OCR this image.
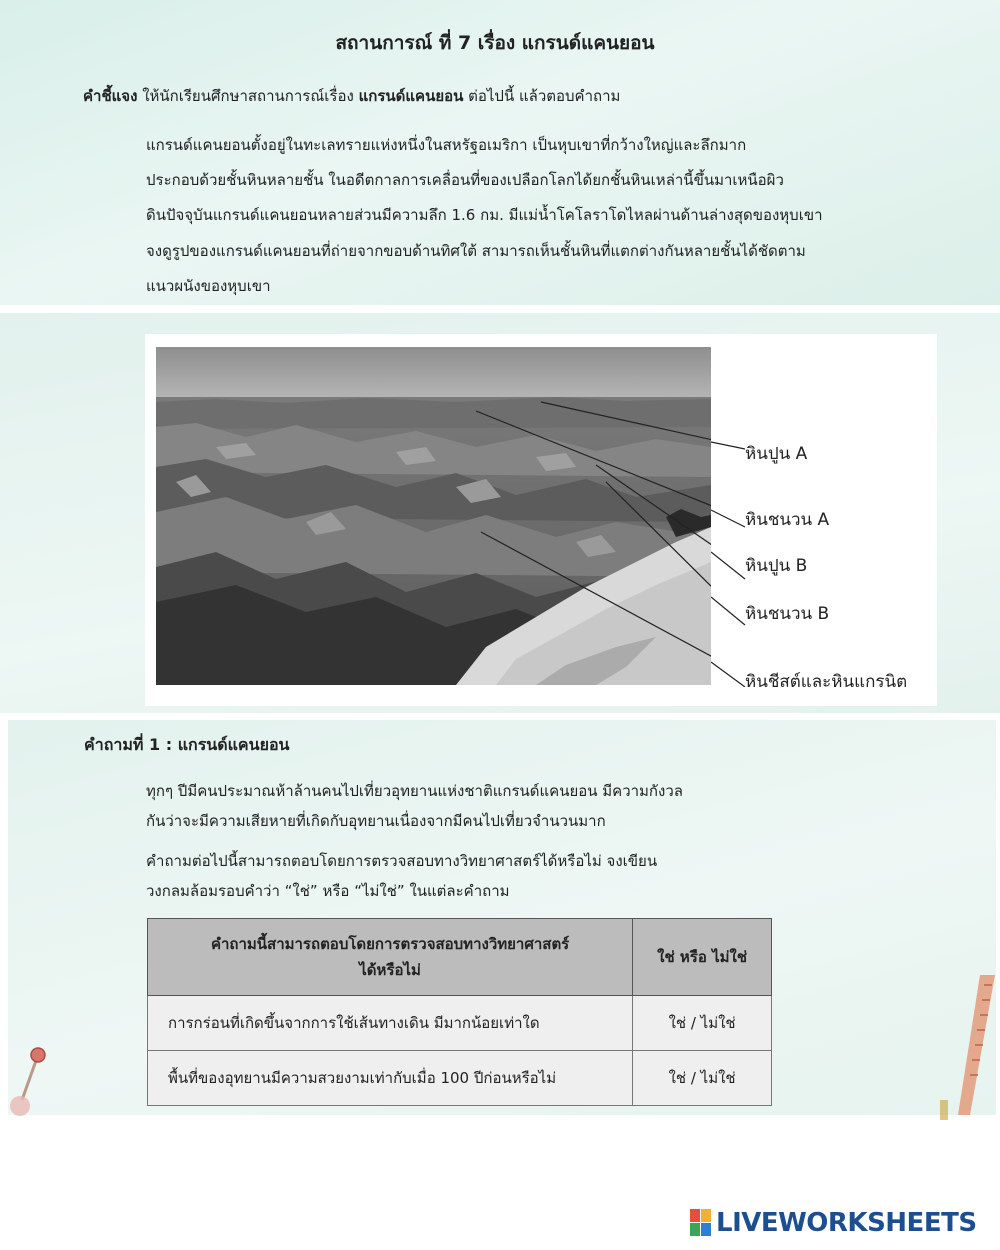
สถานการณ์ ที่ 7 เรื่อง แกรนด์แคนยอน
คำชี้แจง ให้นักเรียนศึกษาสถานการณ์เรื่อง แกรนด์แคนยอน ต่อไปนี้ แล้วตอบคำถาม
แกรนด์แคนยอนตั้งอยู่ในทะเลทรายแห่งหนึ่งในสหรัฐอเมริกา เป็นหุบเขาที่กว้างใหญ่และลึกมาก
ประกอบด้วยชั้นหินหลายชั้น ในอดีตกาลการเคลื่อนที่ของเปลือกโลกได้ยกชั้นหินเหล่านี้ขึ้นมาเหนือผิว
ดินปัจจุบันแกรนด์แคนยอนหลายส่วนมีความลึก 1.6 กม. มีแม่น้ำโคโลราโดไหลผ่านด้านล่างสุดของหุบเขา
จงดูรูปของแกรนด์แคนยอนที่ถ่ายจากขอบด้านทิศใต้ สามารถเห็นชั้นหินที่แตกต่างกันหลายชั้นได้ชัดตาม
แนวผนังของหุบเขา
หินปูน A
หินชนวน A
หินปูน B
หินชนวน B
หินชีสต์และหินแกรนิต
คำถามที่ 1 : แกรนด์แคนยอน
ทุกๆ ปีมีคนประมาณห้าล้านคนไปเที่ยวอุทยานแห่งชาติแกรนด์แคนยอน มีความกังวล
กันว่าจะมีความเสียหายที่เกิดกับอุทยานเนื่องจากมีคนไปเที่ยวจำนวนมาก
คำถามต่อไปนี้สามารถตอบโดยการตรวจสอบทางวิทยาศาสตร์ได้หรือไม่ จงเขียน
วงกลมล้อมรอบคำว่า “ใช่” หรือ “ไม่ใช่” ในแต่ละคำถาม
คำถามนี้สามารถตอบโดยการตรวจสอบทางวิทยาศาสตร์
ได้หรือไม่	ใช่ หรือ ไม่ใช่
การกร่อนที่เกิดขึ้นจากการใช้เส้นทางเดิน มีมากน้อยเท่าใด	ใช่ / ไม่ใช่
พื้นที่ของอุทยานมีความสวยงามเท่ากับเมื่อ 100 ปีก่อนหรือไม่	ใช่ / ไม่ใช่
LIVEWORKSHEETS
